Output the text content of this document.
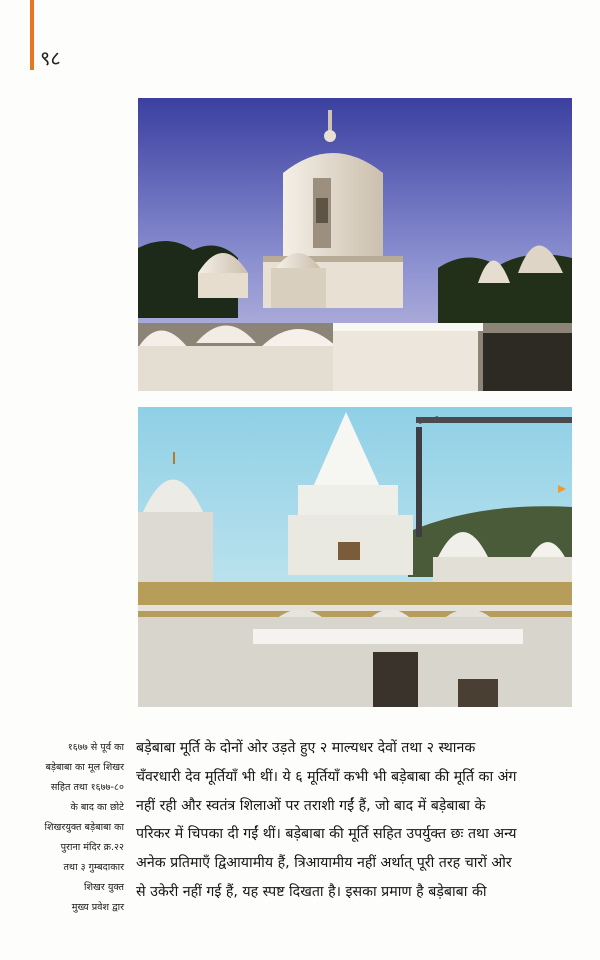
९८
१६७७ से पूर्व का
बड़ेबाबा का मूल शिखर
सहित तथा १६७७-८०
के बाद का छोटे
शिखरयुक्त बड़ेबाबा का
पुराना मंदिर क्र.२२
तथा ३ गुम्बदाकार
शिखर युक्त
मुख्य प्रवेश द्वार
बड़ेबाबा मूर्ति के दोनों ओर उड़ते हुए २ माल्यधर देवों तथा २ स्थानक
चँवरधारी देव मूर्तियाँ भी थीं। ये ६ मूर्तियाँ कभी भी बड़ेबाबा की मूर्ति का अंग
नहीं रही और स्वतंत्र शिलाओं पर तराशी गईं हैं, जो बाद में बड़ेबाबा के
परिकर में चिपका दी गईं थीं। बड़ेबाबा की मूर्ति सहित उपर्युक्त छः तथा अन्य
अनेक प्रतिमाएँ द्विआयामीय हैं, त्रिआयामीय नहीं अर्थात् पूरी तरह चारों ओर
से उकेरी नहीं गई हैं, यह स्पष्ट दिखता है। इसका प्रमाण है बड़ेबाबा की
